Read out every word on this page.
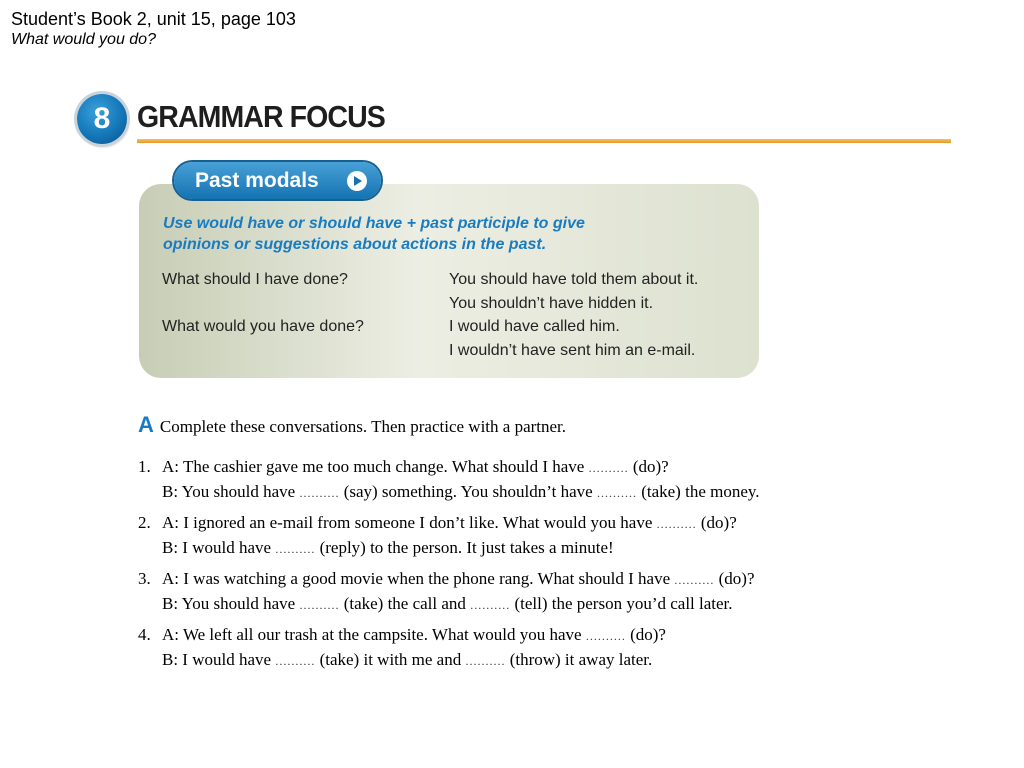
Student’s Book 2, unit 15, page 103
What would you do?
8 GRAMMAR FOCUS
Past modals
Use would have or should have + past participle to give
opinions or suggestions about actions in the past.
What should I have done?
What would you have done?
You should have told them about it.
You shouldn’t have hidden it.
I would have called him.
I wouldn’t have sent him an e-mail.
A Complete these conversations. Then practice with a partner.
1. A: The cashier gave me too much change. What should I have .......... (do)?
B: You should have .......... (say) something. You shouldn’t have .......... (take) the money.
2. A: I ignored an e-mail from someone I don’t like. What would you have .......... (do)?
B: I would have .......... (reply) to the person. It just takes a minute!
3. A: I was watching a good movie when the phone rang. What should I have .......... (do)?
B: You should have .......... (take) the call and .......... (tell) the person you’d call later.
4. A: We left all our trash at the campsite. What would you have .......... (do)?
B: I would have .......... (take) it with me and .......... (throw) it away later.
